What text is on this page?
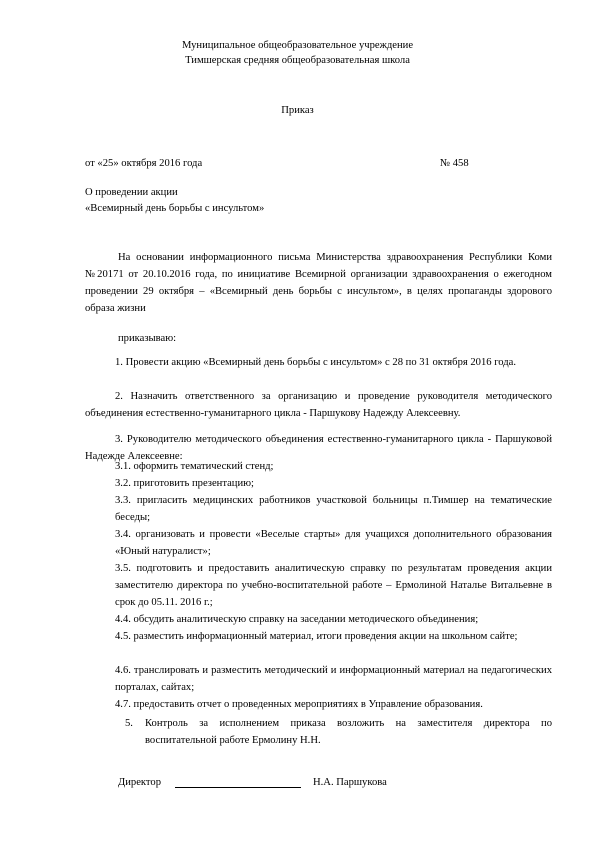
Муниципальное общеобразовательное учреждение
Тимшерская средняя общеобразовательная школа
Приказ
от «25» октября 2016 года	№ 458
О проведении акции
«Всемирный день борьбы с инсультом»
На основании информационного письма Министерства здравоохранения Республики Коми №20171 от 20.10.2016 года, по инициативе Всемирной организации здравоохранения о ежегодном проведении 29 октября – «Всемирный день борьбы с инсультом», в целях пропаганды здорового образа жизни
приказываю:
1. Провести акцию «Всемирный день борьбы с инсультом» с 28 по 31 октября 2016 года.
2. Назначить ответственного за организацию и проведение руководителя методического объединения естественно-гуманитарного цикла - Паршукову Надежду Алексеевну.
3. Руководителю методического объединения естественно-гуманитарного цикла - Паршуковой Надежде Алексеевне:
3.1. оформить тематический стенд;
3.2. приготовить презентацию;
3.3. пригласить медицинских работников участковой больницы п.Тимшер на тематические беседы;
3.4. организовать и провести «Веселые старты» для учащихся дополнительного образования «Юный натуралист»;
3.5. подготовить и предоставить аналитическую справку по результатам проведения акции заместителю директора по учебно-воспитательной работе – Ермолиной Наталье Витальевне в срок до 05.11. 2016 г.;
4.4. обсудить аналитическую справку на заседании методического объединения;
4.5. разместить информационный материал, итоги проведения акции на школьном сайте;
4.6. транслировать и разместить методический и информационный материал на педагогических порталах, сайтах;
4.7. предоставить отчет о проведенных мероприятиях в Управление образования.
5. Контроль за исполнением приказа возложить на заместителя директора по воспитательной работе Ермолину Н.Н.
Директор	Н.А. Паршукова
